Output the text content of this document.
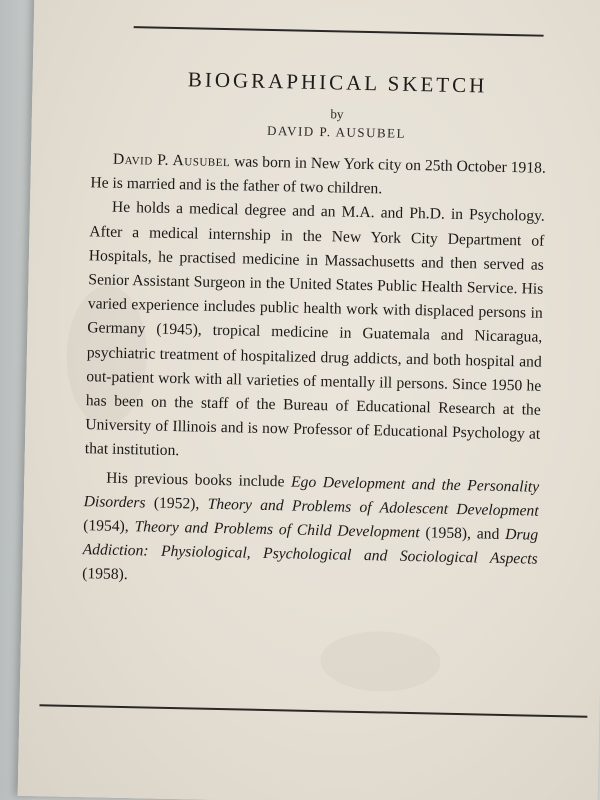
BIOGRAPHICAL SKETCH
by
DAVID P. AUSUBEL

David P. Ausubel was born in New York city on 25th October 1918. He is married and is the father of two children.

He holds a medical degree and an M.A. and Ph.D. in Psychology. After a medical internship in the New York City Department of Hospitals, he practised medicine in Massachusetts and then served as Senior Assistant Surgeon in the United States Public Health Service. His varied experience includes public health work with displaced persons in Germany (1945), tropical medicine in Guatemala and Nicaragua, psychiatric treatment of hospitalized drug addicts, and both hospital and out-patient work with all varieties of mentally ill persons. Since 1950 he has been on the staff of the Bureau of Educational Research at the University of Illinois and is now Professor of Educational Psychology at that institution.

His previous books include Ego Development and the Personality Disorders (1952), Theory and Problems of Adolescent Development (1954), Theory and Problems of Child Development (1958), and Drug Addiction: Physiological, Psychological and Sociological Aspects (1958).
